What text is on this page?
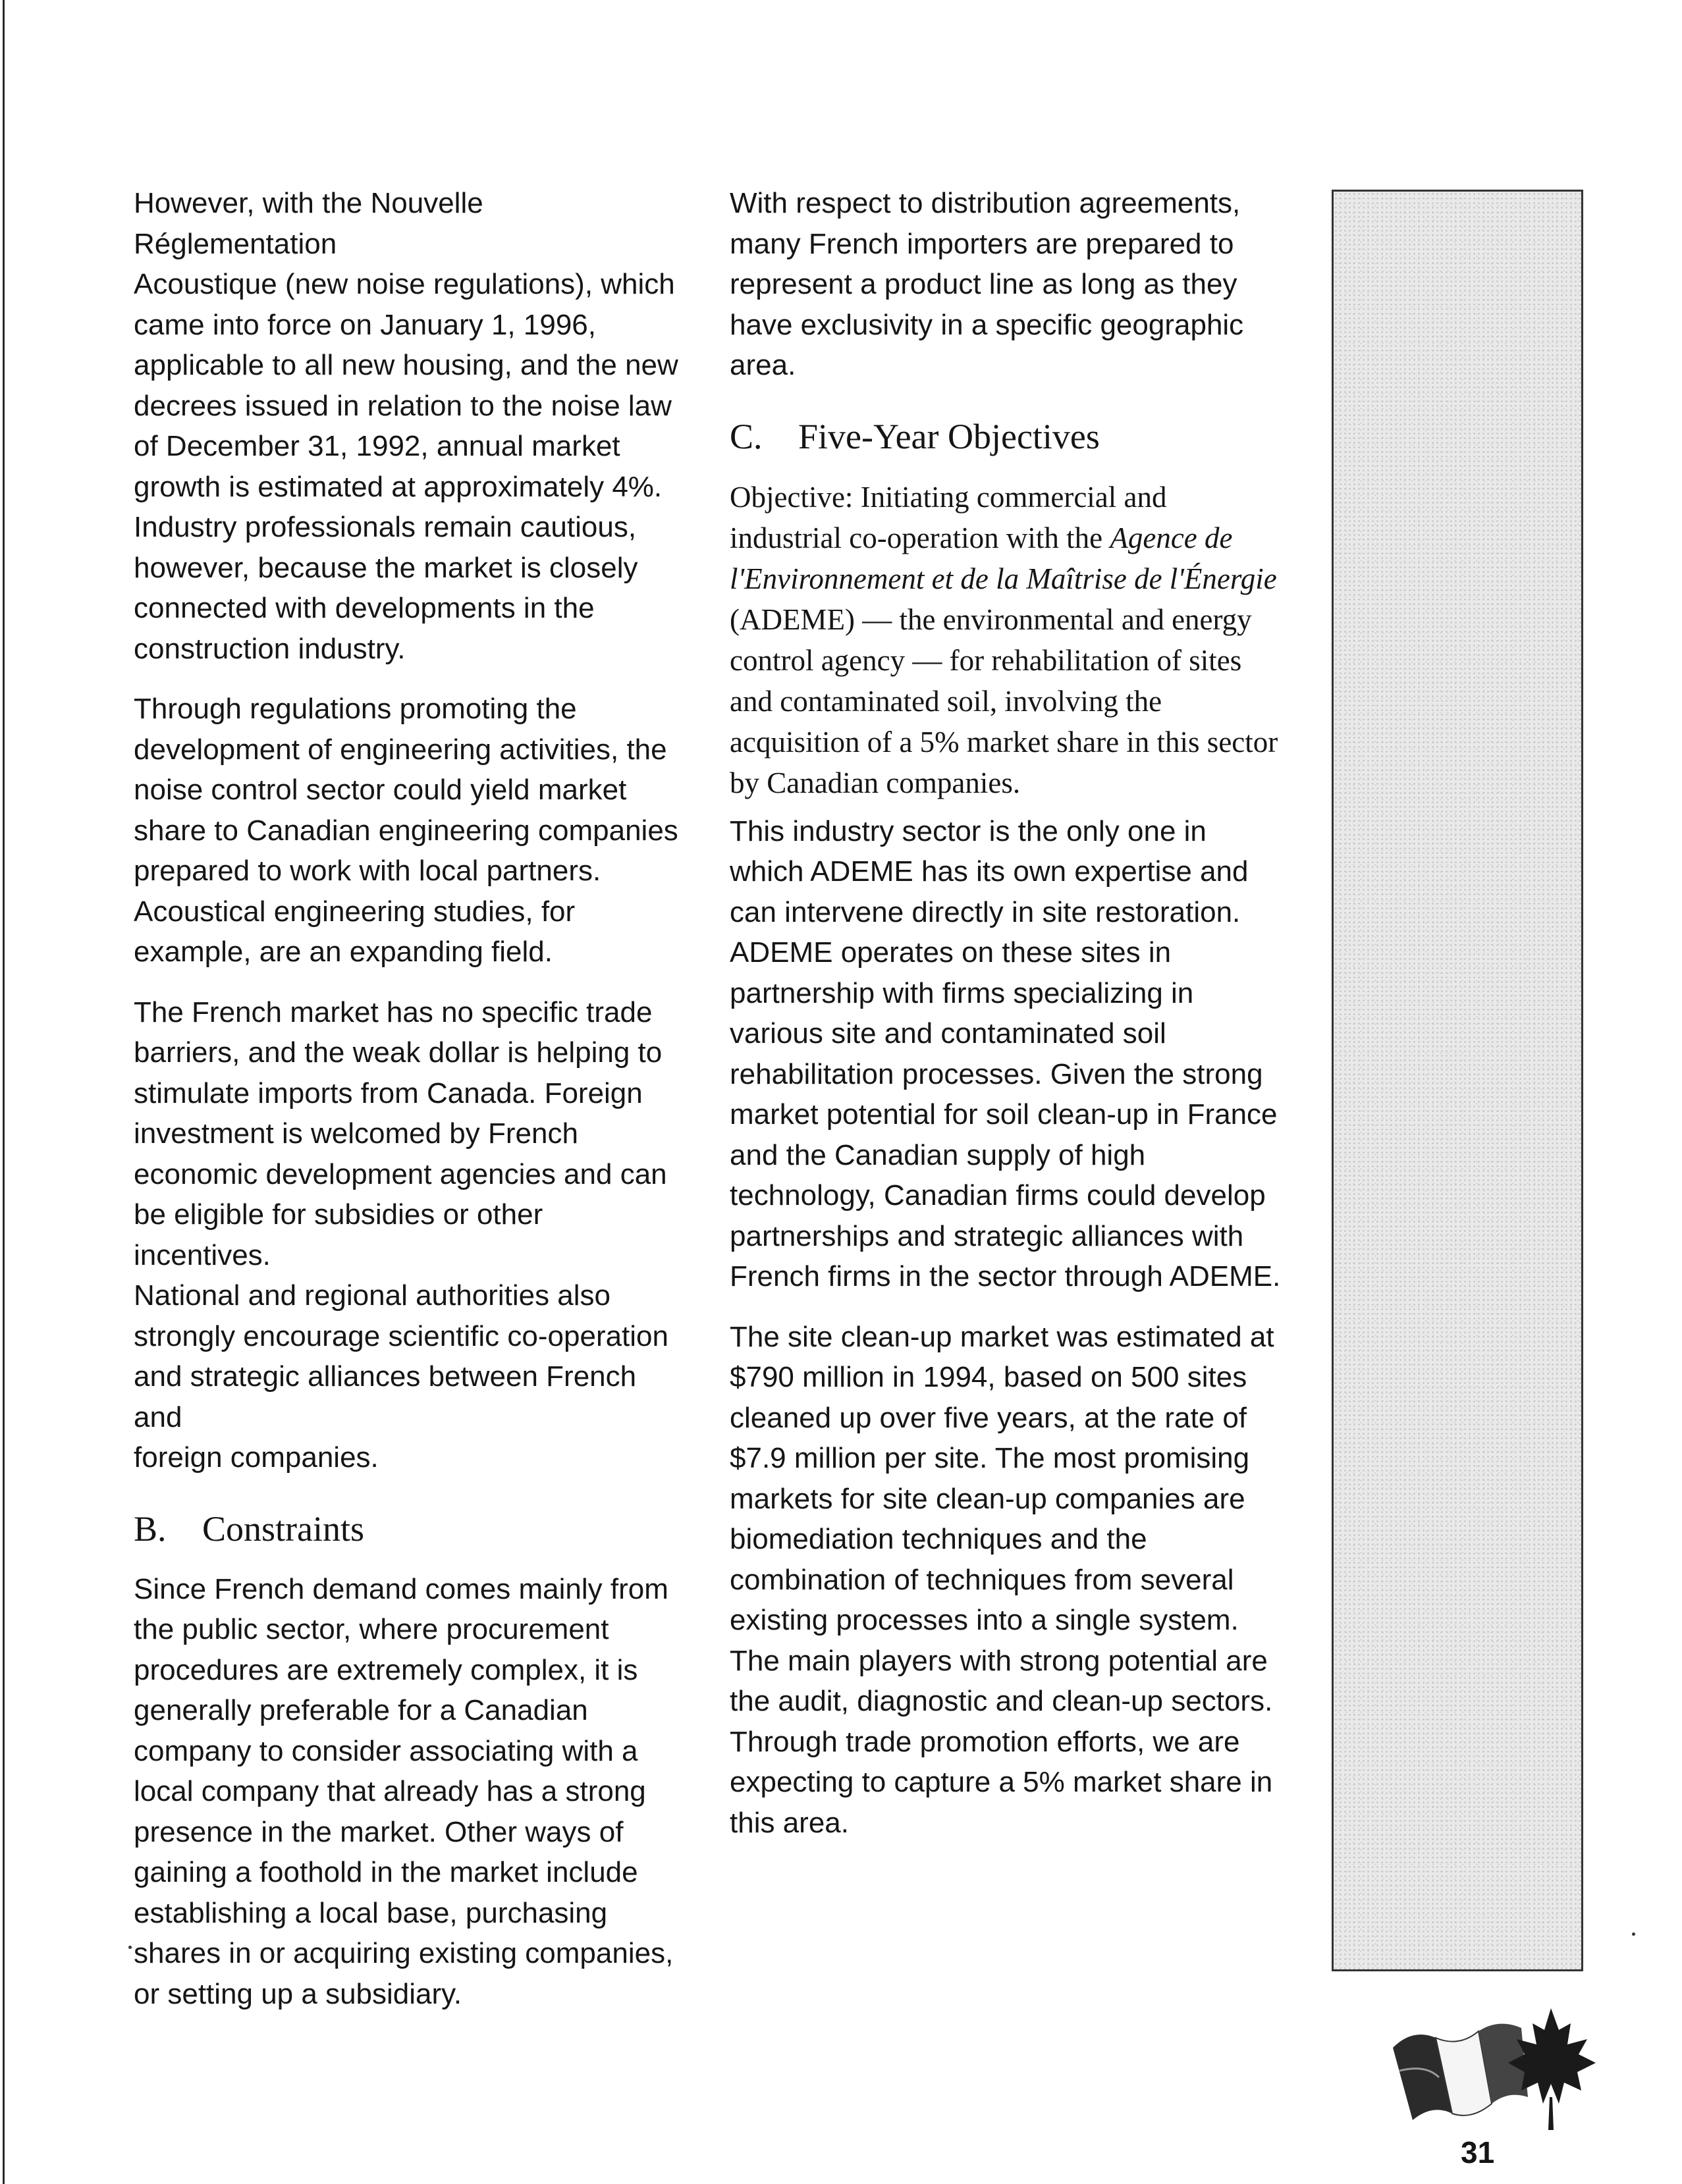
However, with the Nouvelle Réglementation
Acoustique (new noise regulations), which
came into force on January 1, 1996,
applicable to all new housing, and the new
decrees issued in relation to the noise law
of December 31, 1992, annual market
growth is estimated at approximately 4%.
Industry professionals remain cautious,
however, because the market is closely
connected with developments in the
construction industry.

Through regulations promoting the
development of engineering activities, the
noise control sector could yield market
share to Canadian engineering companies
prepared to work with local partners.
Acoustical engineering studies, for
example, are an expanding field.

The French market has no specific trade
barriers, and the weak dollar is helping to
stimulate imports from Canada. Foreign
investment is welcomed by French
economic development agencies and can
be eligible for subsidies or other incentives.
National and regional authorities also
strongly encourage scientific co-operation
and strategic alliances between French and
foreign companies.

B.	Constraints

Since French demand comes mainly from
the public sector, where procurement
procedures are extremely complex, it is
generally preferable for a Canadian
company to consider associating with a
local company that already has a strong
presence in the market. Other ways of
gaining a foothold in the market include
establishing a local base, purchasing
shares in or acquiring existing companies,
or setting up a subsidiary.

With respect to distribution agreements,
many French importers are prepared to
represent a product line as long as they
have exclusivity in a specific geographic
area.

C.	Five-Year Objectives

Objective: Initiating commercial and industrial co-operation with the Agence de l'Environnement et de la Maîtrise de l'Énergie (ADEME) — the environmental and energy control agency — for rehabilitation of sites and contaminated soil, involving the acquisition of a 5% market share in this sector by Canadian companies.

This industry sector is the only one in
which ADEME has its own expertise and
can intervene directly in site restoration.
ADEME operates on these sites in
partnership with firms specializing in
various site and contaminated soil
rehabilitation processes. Given the strong
market potential for soil clean-up in France
and the Canadian supply of high
technology, Canadian firms could develop
partnerships and strategic alliances with
French firms in the sector through ADEME.

The site clean-up market was estimated at
$790 million in 1994, based on 500 sites
cleaned up over five years, at the rate of
$7.9 million per site. The most promising
markets for site clean-up companies are
biomediation techniques and the
combination of techniques from several
existing processes into a single system.
The main players with strong potential are
the audit, diagnostic and clean-up sectors.
Through trade promotion efforts, we are
expecting to capture a 5% market share in
this area.

31
